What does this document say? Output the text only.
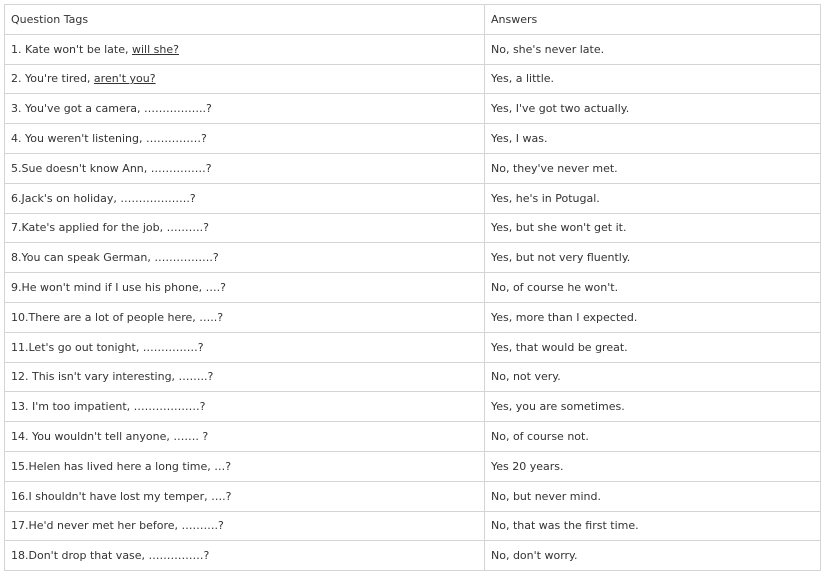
Question Tags	Answers
1. Kate won't be late, will she?	No, she's never late.
2. You're tired, aren't you?	Yes, a little.
3. You've got a camera, ……………..?	Yes, I've got two actually.
4. You weren't listening, ……………?	Yes, I was.
5.Sue doesn't know Ann, ……………?	No, they've never met.
6.Jack's on holiday, ……………….?	Yes, he's in Potugal.
7.Kate's applied for the job, ……….?	Yes, but she won't get it.
8.You can speak German, …………….?	Yes, but not very fluently.
9.He won't mind if I use his phone, ….?	No, of course he won't.
10.There are a lot of people here, …..?	Yes, more than I expected.
11.Let's go out tonight, ……………?	Yes, that would be great.
12. This isn't vary interesting, ……..?	No, not very.
13. I'm too impatient, ………………?	Yes, you are sometimes.
14. You wouldn't tell anyone, ……. ?	No, of course not.
15.Helen has lived here a long time, …?	Yes 20 years.
16.I shouldn't have lost my temper, ….?	No, but never mind.
17.He'd never met her before, ……….?	No, that was the first time.
18.Don't drop that vase, ……………?	No, don't worry.
